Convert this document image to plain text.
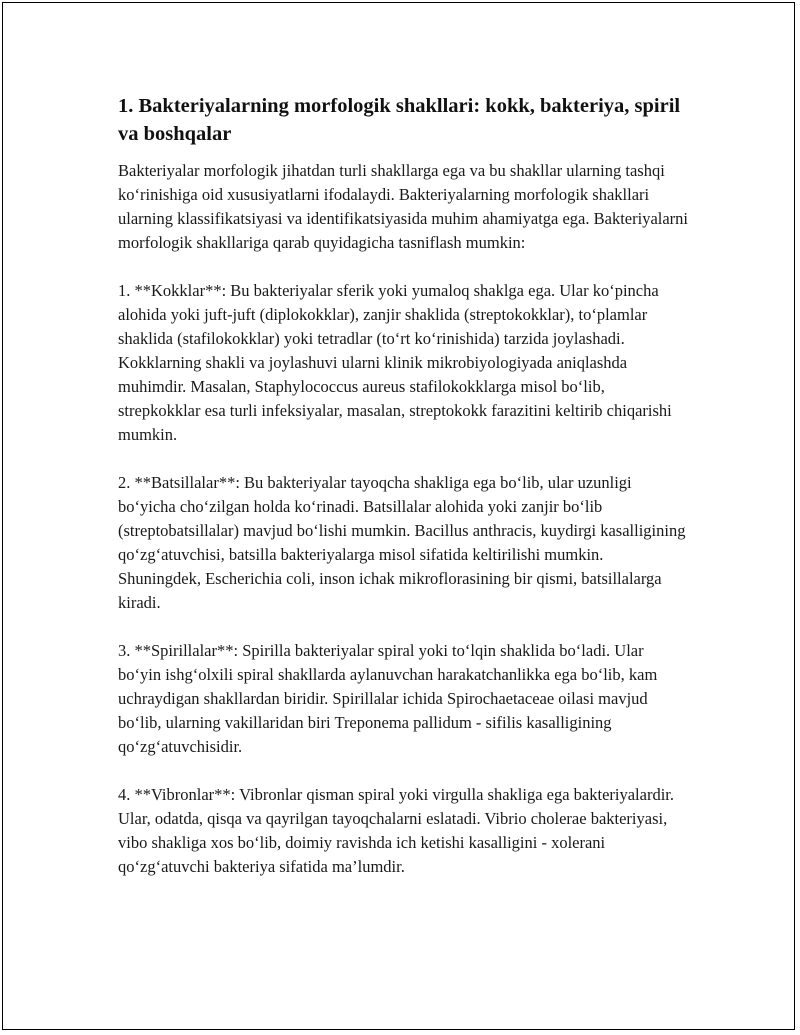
1. Bakteriyalarning morfologik shakllari: kokk, bakteriya, spiril va boshqalar

Bakteriyalar morfologik jihatdan turli shakllarga ega va bu shakllar ularning tashqi ko‘rinishiga oid xususiyatlarni ifodalaydi. Bakteriyalarning morfologik shakllari ularning klassifikatsiyasi va identifikatsiyasida muhim ahamiyatga ega. Bakteriyalarni morfologik shakllariga qarab quyidagicha tasniflash mumkin:

1. **Kokklar**: Bu bakteriyalar sferik yoki yumaloq shaklga ega. Ular ko‘pincha alohida yoki juft-juft (diplokokklar), zanjir shaklida (streptokokklar), to‘plamlar shaklida (stafilokokklar) yoki tetradlar (to‘rt ko‘rinishida) tarzida joylashadi. Kokklarning shakli va joylashuvi ularni klinik mikrobiyologiyada aniqlashda muhimdir. Masalan, Staphylococcus aureus stafilokokklarga misol bo‘lib, strepkokklar esa turli infeksiyalar, masalan, streptokokk farazitini keltirib chiqarishi mumkin.

2. **Batsillalar**: Bu bakteriyalar tayoqcha shakliga ega bo‘lib, ular uzunligi bo‘yicha cho‘zilgan holda ko‘rinadi. Batsillalar alohida yoki zanjir bo‘lib (streptobatsillalar) mavjud bo‘lishi mumkin. Bacillus anthracis, kuydirgi kasalligining qo‘zg‘atuvchisi, batsilla bakteriyalarga misol sifatida keltirilishi mumkin. Shuningdek, Escherichia coli, inson ichak mikroflorasining bir qismi, batsillalarga kiradi.

3. **Spirillalar**: Spirilla bakteriyalar spiral yoki to‘lqin shaklida bo‘ladi. Ular bo‘yin ishg‘olxili spiral shakllarda aylanuvchan harakatchanlikka ega bo‘lib, kam uchraydigan shakllardan biridir. Spirillalar ichida Spirochaetaceae oilasi mavjud bo‘lib, ularning vakillaridan biri Treponema pallidum - sifilis kasalligining qo‘zg‘atuvchisidir.

4. **Vibronlar**: Vibronlar qisman spiral yoki virgulla shakliga ega bakteriyalardir. Ular, odatda, qisqa va qayrilgan tayoqchalarni eslatadi. Vibrio cholerae bakteriyasi, vibo shakliga xos bo‘lib, doimiy ravishda ich ketishi kasalligini - xolerani qo‘zg‘atuvchi bakteriya sifatida ma’lumdir.
